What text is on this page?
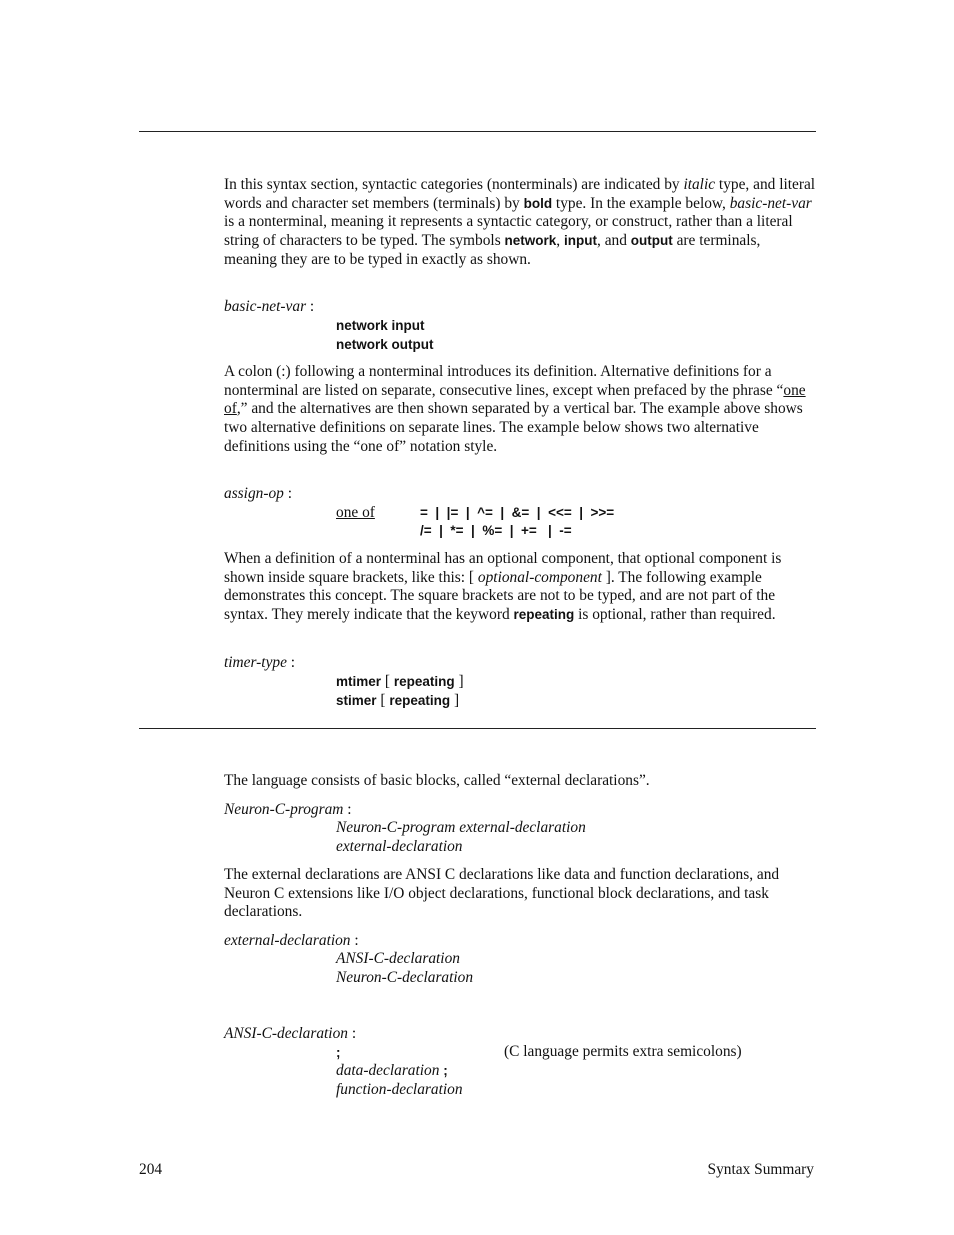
In this syntax section, syntactic categories (nonterminals) are indicated by italic type, and literal words and character set members (terminals) by bold type. In the example below, basic-net-var is a nonterminal, meaning it represents a syntactic category, or construct, rather than a literal string of characters to be typed. The symbols network, input, and output are terminals, meaning they are to be typed in exactly as shown.

basic-net-var :
network input
network output

A colon (:) following a nonterminal introduces its definition. Alternative definitions for a nonterminal are listed on separate, consecutive lines, except when prefaced by the phrase “one of,” and the alternatives are then shown separated by a vertical bar. The example above shows two alternative definitions on separate lines. The example below shows two alternative definitions using the “one of” notation style.

assign-op :
one of	=  |  |=  |  ^=  |  &=  |  <<=  |  >>=
/=  |  *=  |  %=  |  +=   |  -=

When a definition of a nonterminal has an optional component, that optional component is shown inside square brackets, like this: [ optional-component ]. The following example demonstrates this concept. The square brackets are not to be typed, and are not part of the syntax. They merely indicate that the keyword repeating is optional, rather than required.

timer-type :
mtimer [ repeating ]
stimer [ repeating ]
The language consists of basic blocks, called “external declarations”.
Neuron-C-program :
Neuron-C-program external-declaration
external-declaration
The external declarations are ANSI C declarations like data and function declarations, and Neuron C extensions like I/O object declarations, functional block declarations, and task declarations.
external-declaration :
ANSI-C-declaration
Neuron-C-declaration
ANSI-C-declaration :
;	(C language permits extra semicolons)
data-declaration ;
function-declaration
204	Syntax Summary
